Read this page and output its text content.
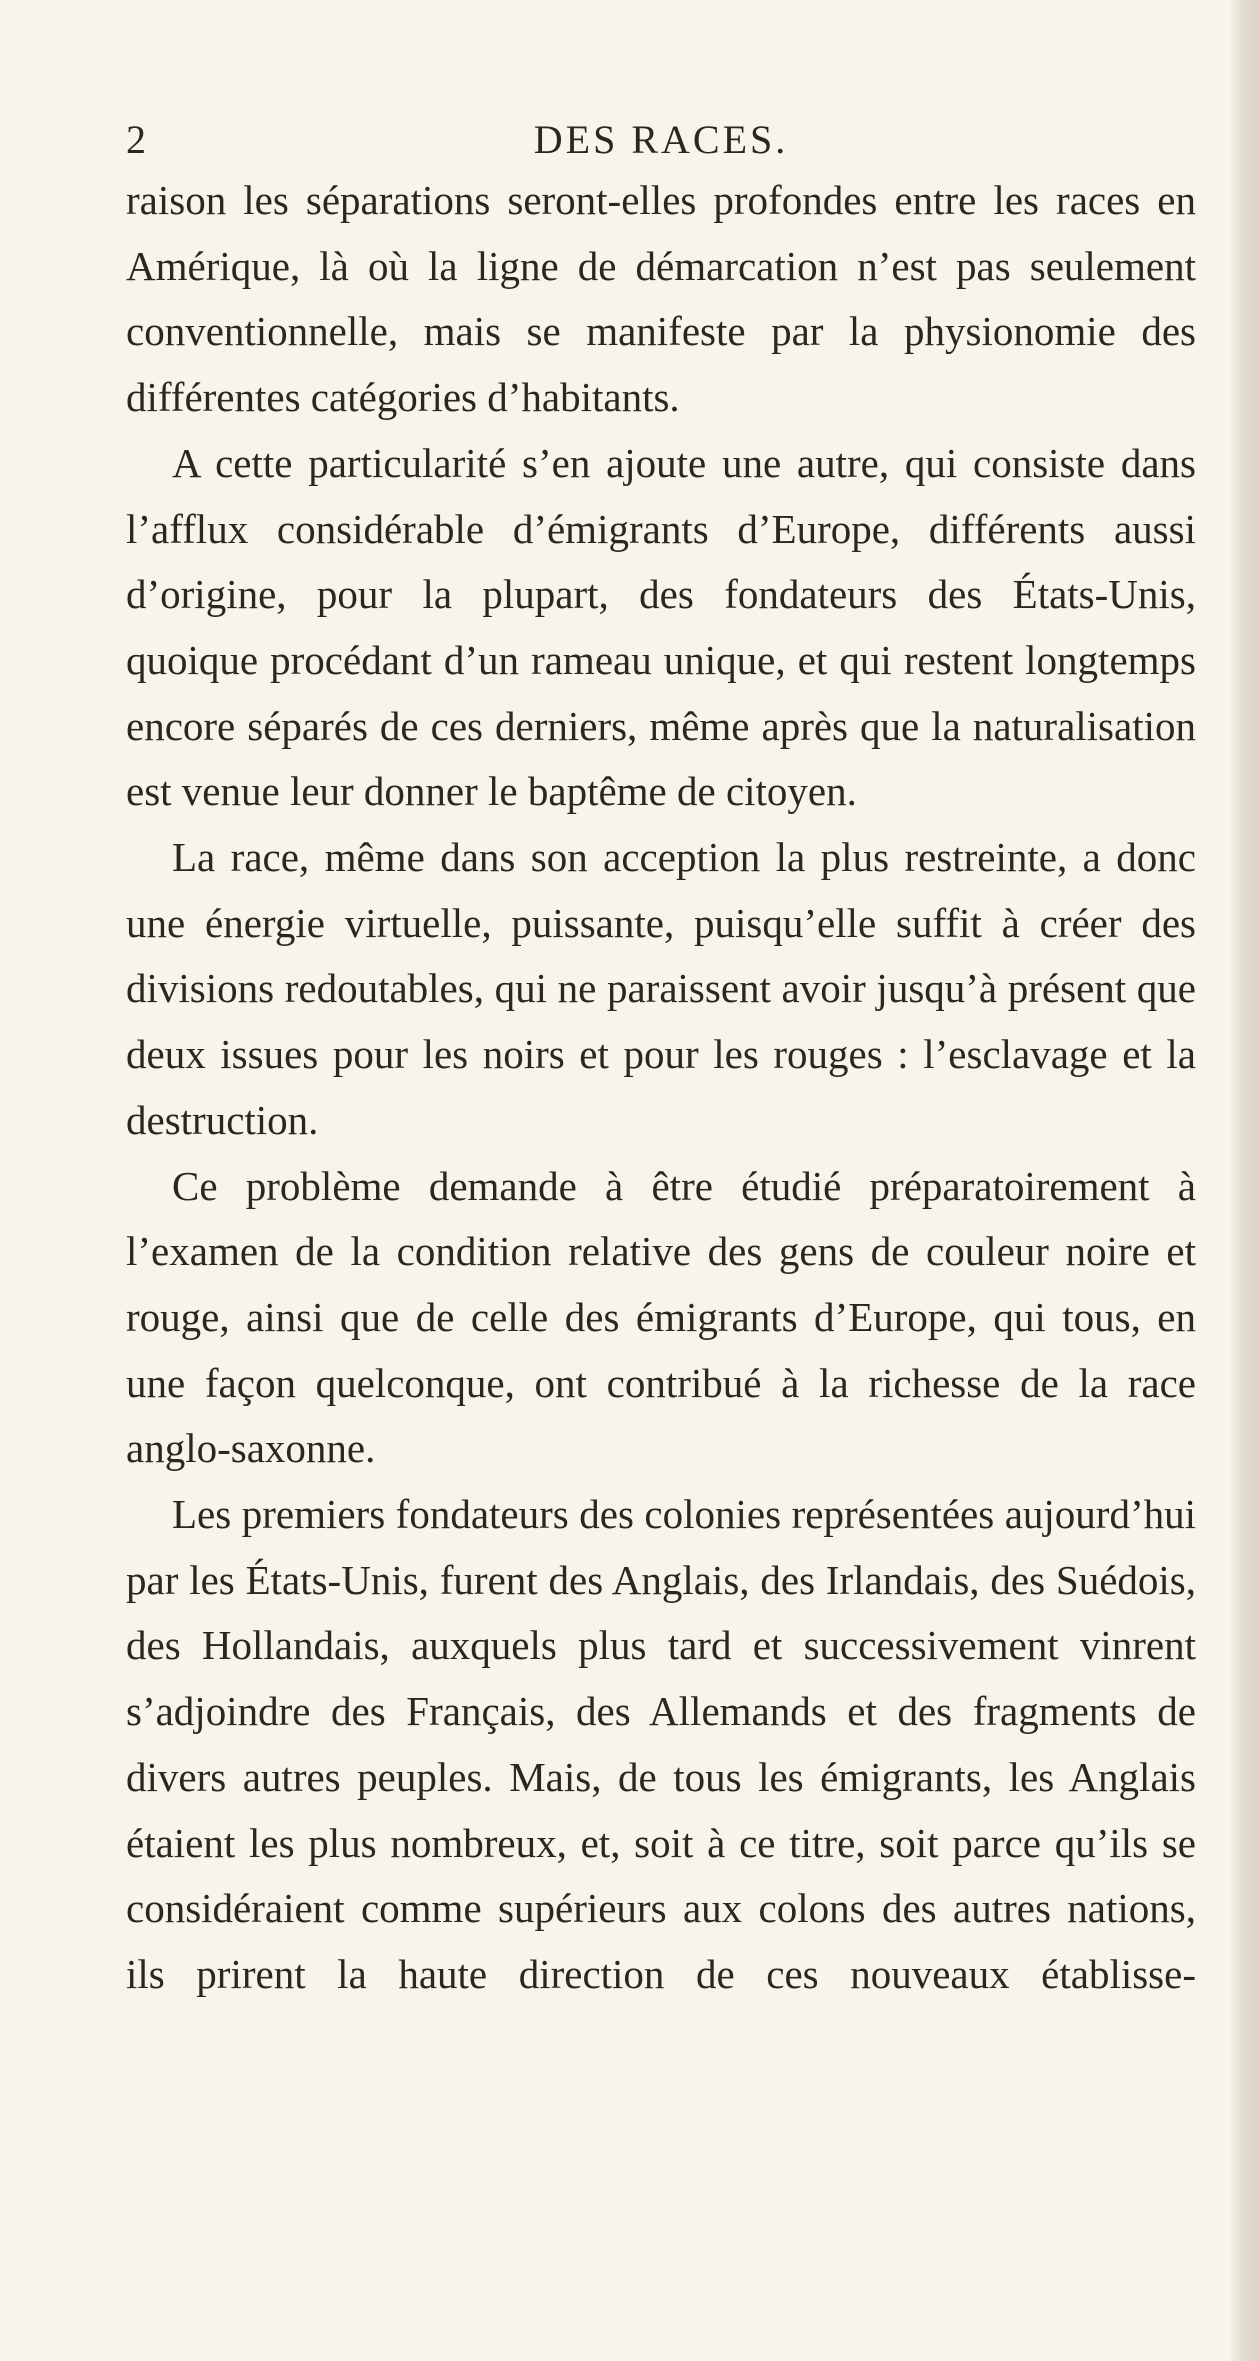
2	DES RACES.

raison les séparations seront-elles profondes entre les races en Amérique, là où la ligne de démarcation n’est pas seulement conventionnelle, mais se manifeste par la physionomie des différentes catégories d’habitants.

A cette particularité s’en ajoute une autre, qui consiste dans l’afflux considérable d’émigrants d’Europe, différents aussi d’origine, pour la plupart, des fondateurs des États-Unis, quoique procédant d’un rameau unique, et qui restent longtemps encore séparés de ces derniers, même après que la naturalisation est venue leur donner le baptême de citoyen.

La race, même dans son acception la plus restreinte, a donc une énergie virtuelle, puissante, puisqu’elle suffit à créer des divisions redoutables, qui ne paraissent avoir jusqu’à présent que deux issues pour les noirs et pour les rouges : l’esclavage et la destruction.

Ce problème demande à être étudié préparatoirement à l’examen de la condition relative des gens de couleur noire et rouge, ainsi que de celle des émigrants d’Europe, qui tous, en une façon quelconque, ont contribué à la richesse de la race anglo-saxonne.

Les premiers fondateurs des colonies représentées aujourd’hui par les États-Unis, furent des Anglais, des Irlandais, des Suédois, des Hollandais, auxquels plus tard et successivement vinrent s’adjoindre des Français, des Allemands et des fragments de divers autres peuples. Mais, de tous les émigrants, les Anglais étaient les plus nombreux, et, soit à ce titre, soit parce qu’ils se considéraient comme supérieurs aux colons des autres nations, ils prirent la haute direction de ces nouveaux établisse-
